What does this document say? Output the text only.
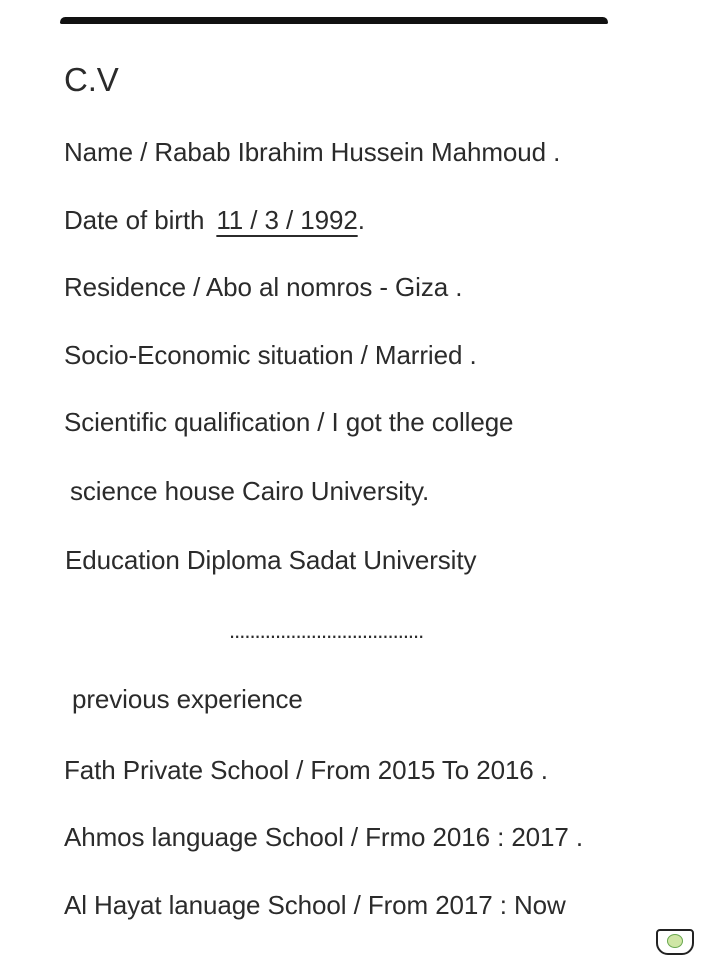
C.V
Name / Rabab Ibrahim Hussein Mahmoud .
Date of birth 11 / 3 / 1992.
Residence / Abo al nomros - Giza .
Socio-Economic situation / Married .
Scientific qualification / I got the college
science house Cairo University.
Education Diploma Sadat University
......................................
previous experience
Fath Private School / From 2015 To 2016 .
Ahmos language School / Frmo 2016 : 2017 .
Al Hayat lanuage School / From 2017 : Now
